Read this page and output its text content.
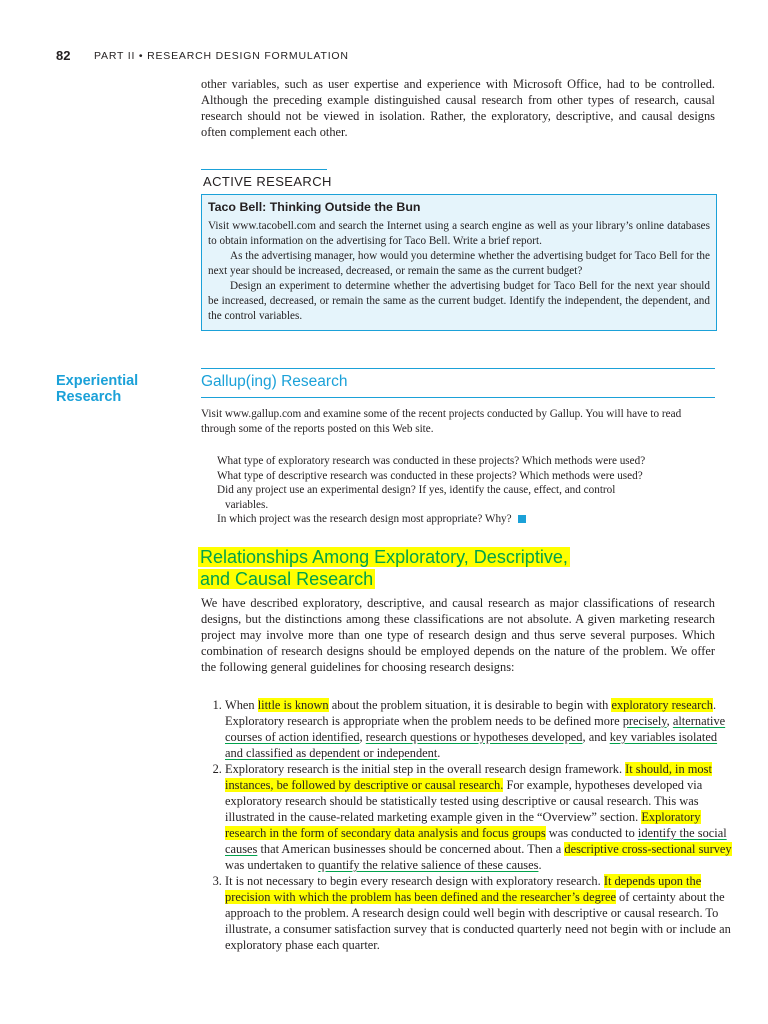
82 PART II • RESEARCH DESIGN FORMULATION

other variables, such as user expertise and experience with Microsoft Office, had to be controlled. Although the preceding example distinguished causal research from other types of research, causal research should not be viewed in isolation. Rather, the exploratory, descriptive, and causal designs often complement each other.

ACTIVE RESEARCH
Taco Bell: Thinking Outside the Bun

Visit www.tacobell.com and search the Internet using a search engine as well as your library’s online databases to obtain information on the advertising for Taco Bell. Write a brief report.

As the advertising manager, how would you determine whether the advertising budget for Taco Bell for the next year should be increased, decreased, or remain the same as the current budget?

Design an experiment to determine whether the advertising budget for Taco Bell for the next year should be increased, decreased, or remain the same as the current budget. Identify the independent, the dependent, and the control variables.

Experiential
Research
Gallup(ing) Research

Visit www.gallup.com and examine some of the recent projects conducted by Gallup. You will have to read through some of the reports posted on this Web site.

What type of exploratory research was conducted in these projects? Which methods were used?
What type of descriptive research was conducted in these projects? Which methods were used?
Did any project use an experimental design? If yes, identify the cause, effect, and control
variables.
In which project was the research design most appropriate? Why?
Relationships Among Exploratory, Descriptive,
and Causal Research

We have described exploratory, descriptive, and causal research as major classifications of research designs, but the distinctions among these classifications are not absolute. A given marketing research project may involve more than one type of research design and thus serve several purposes. Which combination of research designs should be employed depends on the nature of the problem. We offer the following general guidelines for choosing research designs:

1. When little is known about the problem situation, it is desirable to begin with exploratory research. Exploratory research is appropriate when the problem needs to be defined more precisely, alternative courses of action identified, research questions or hypotheses developed, and key variables isolated and classified as dependent or independent.
2. Exploratory research is the initial step in the overall research design framework. It should, in most instances, be followed by descriptive or causal research. For example, hypotheses developed via exploratory research should be statistically tested using descriptive or causal research. This was illustrated in the cause-related marketing example given in the “Overview” section. Exploratory research in the form of secondary data analysis and focus groups was conducted to identify the social causes that American businesses should be concerned about. Then a descriptive cross-sectional survey was undertaken to quantify the relative salience of these causes.
3. It is not necessary to begin every research design with exploratory research. It depends upon the precision with which the problem has been defined and the researcher’s degree of certainty about the approach to the problem. A research design could well begin with descriptive or causal research. To illustrate, a consumer satisfaction survey that is conducted quarterly need not begin with or include an exploratory phase each quarter.
